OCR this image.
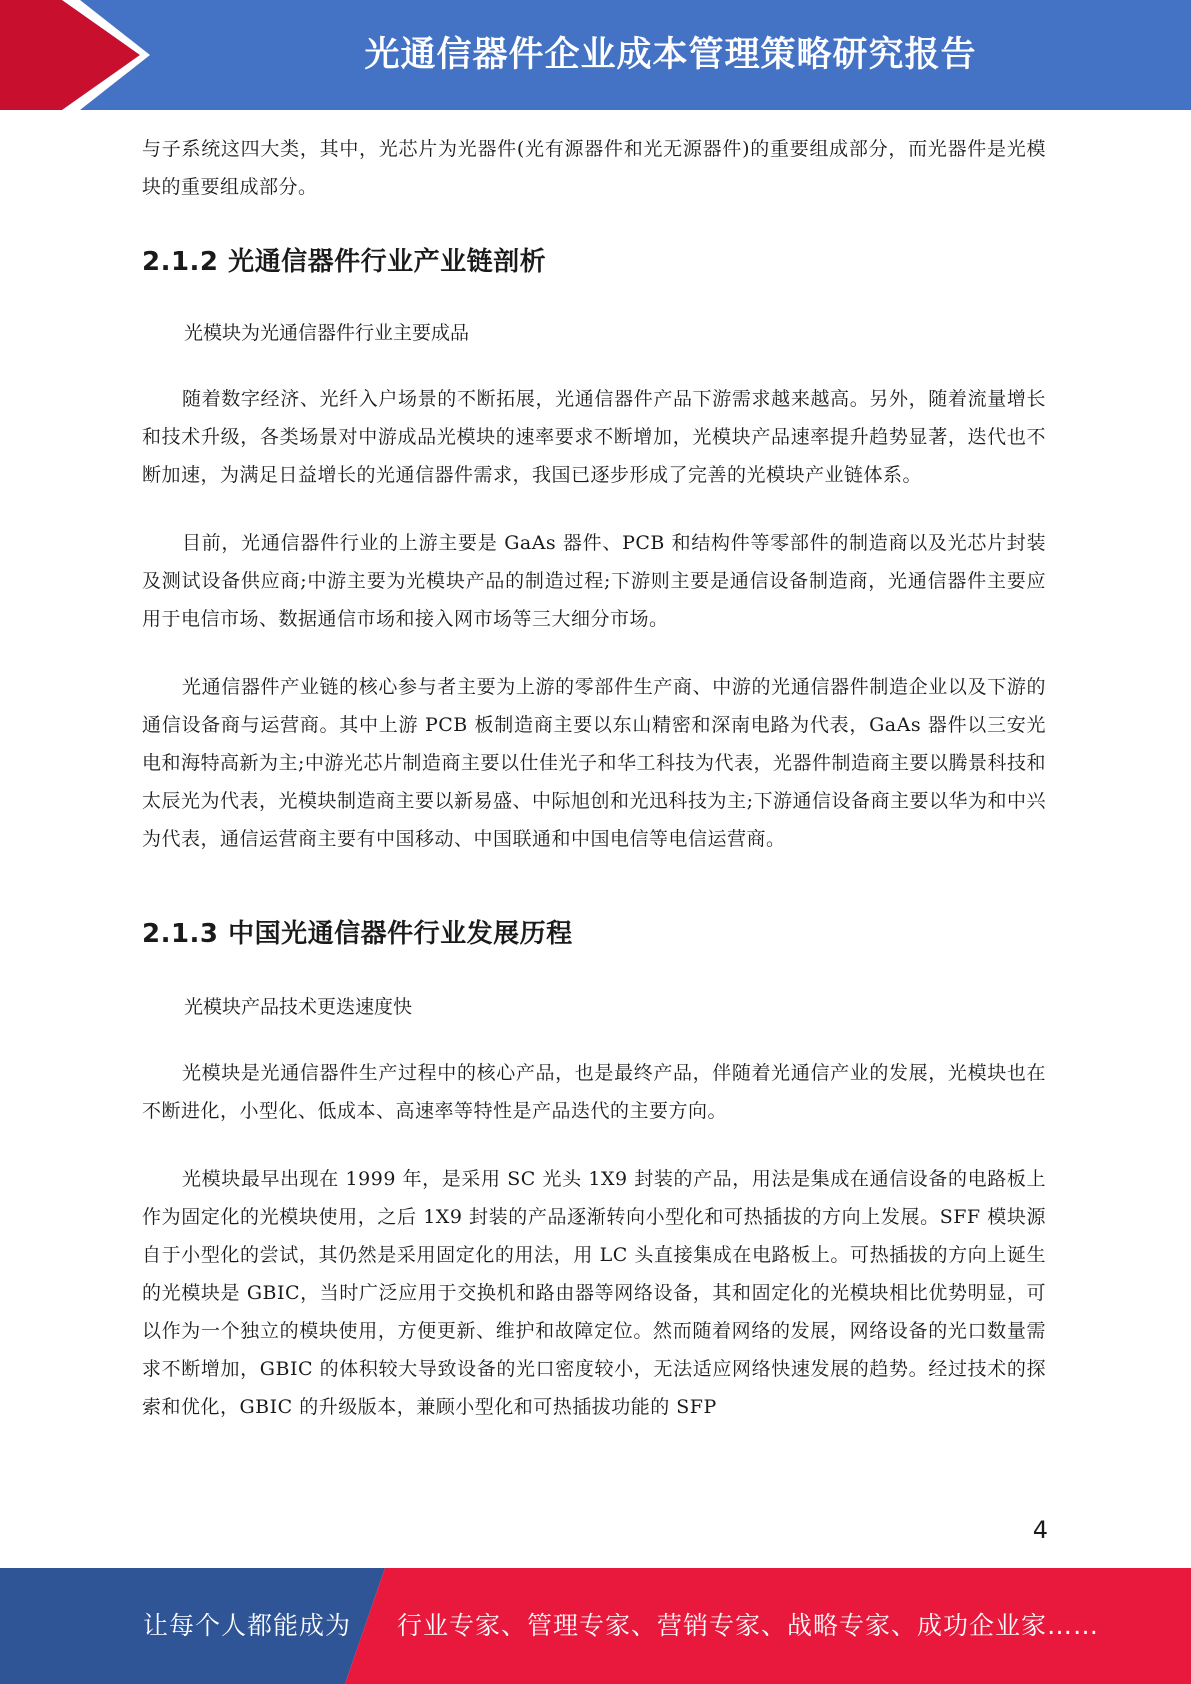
光通信器件企业成本管理策略研究报告

与子系统这四大类，其中，光芯片为光器件(光有源器件和光无源器件)的重要组成部分，而光器件是光模块的重要组成部分。

2.1.2 光通信器件行业产业链剖析

光模块为光通信器件行业主要成品

随着数字经济、光纤入户场景的不断拓展，光通信器件产品下游需求越来越高。另外，随着流量增长和技术升级，各类场景对中游成品光模块的速率要求不断增加，光模块产品速率提升趋势显著，迭代也不断加速，为满足日益增长的光通信器件需求，我国已逐步形成了完善的光模块产业链体系。

目前，光通信器件行业的上游主要是 GaAs 器件、PCB 和结构件等零部件的制造商以及光芯片封装及测试设备供应商;中游主要为光模块产品的制造过程;下游则主要是通信设备制造商，光通信器件主要应用于电信市场、数据通信市场和接入网市场等三大细分市场。

光通信器件产业链的核心参与者主要为上游的零部件生产商、中游的光通信器件制造企业以及下游的通信设备商与运营商。其中上游 PCB 板制造商主要以东山精密和深南电路为代表，GaAs 器件以三安光电和海特高新为主;中游光芯片制造商主要以仕佳光子和华工科技为代表，光器件制造商主要以腾景科技和太辰光为代表，光模块制造商主要以新易盛、中际旭创和光迅科技为主;下游通信设备商主要以华为和中兴为代表，通信运营商主要有中国移动、中国联通和中国电信等电信运营商。

2.1.3 中国光通信器件行业发展历程

光模块产品技术更迭速度快

光模块是光通信器件生产过程中的核心产品，也是最终产品，伴随着光通信产业的发展，光模块也在不断进化，小型化、低成本、高速率等特性是产品迭代的主要方向。

光模块最早出现在 1999 年，是采用 SC 光头 1X9 封装的产品，用法是集成在通信设备的电路板上作为固定化的光模块使用，之后 1X9 封装的产品逐渐转向小型化和可热插拔的方向上发展。SFF 模块源自于小型化的尝试，其仍然是采用固定化的用法，用 LC 头直接集成在电路板上。可热插拔的方向上诞生的光模块是 GBIC，当时广泛应用于交换机和路由器等网络设备，其和固定化的光模块相比优势明显，可以作为一个独立的模块使用，方便更新、维护和故障定位。然而随着网络的发展，网络设备的光口数量需求不断增加，GBIC 的体积较大导致设备的光口密度较小，无法适应网络快速发展的趋势。经过技术的探索和优化，GBIC 的升级版本，兼顾小型化和可热插拔功能的 SFP

4
让每个人都能成为 行业专家、管理专家、营销专家、战略专家、成功企业家……
